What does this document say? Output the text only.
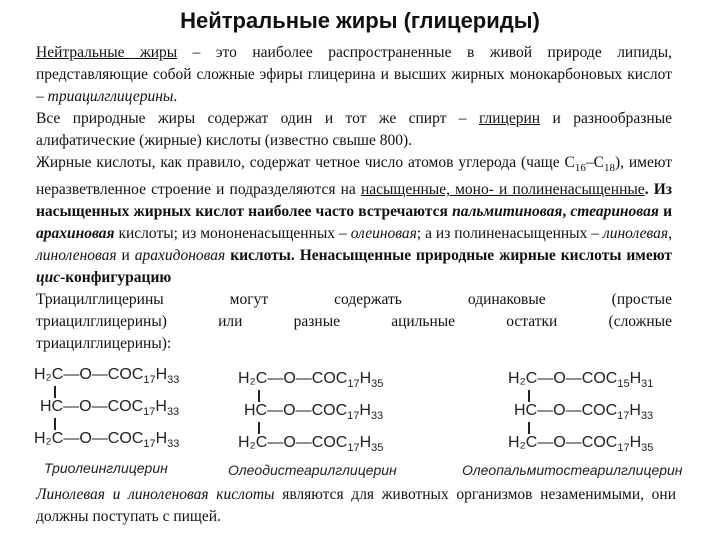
Нейтральные жиры (глицериды)

Нейтральные жиры – это наиболее распространенные в живой природе липиды, представляющие собой сложные эфиры глицерина и высших жирных монокарбоновых кислот – триацилглицерины.

Все природные жиры содержат один и тот же спирт – глицерин и разнообразные алифатические (жирные) кислоты (известно свыше 800).

Жирные кислоты, как правило, содержат четное число атомов углерода (чаще $C_{16}-C_{18}$), имеют неразветвленное строение и подразделяются на насыщенные, моно- и полиненасыщенные. Из насыщенных жирных кислот наиболее часто встречаются пальмитиновая, стеариновая и арахиновая кислоты; из мононенасыщенных – олеиновая; а из полиненасыщенных – линолевая, линоленовая и арахидоновая кислоты. Ненасыщенные природные жирные кислоты имеют цис-конфигурацию

Триацилглицерины	могут	содержать	одинаковые	(простые
триацилглицерины)	или	разные	ацильные	остатки	(сложные

триацилглицерины):

$H_2C—O—COC_{17}H_{33}$
$HC—O—COC_{17}H_{33}$
$H_2C—O—COC_{17}H_{33}$
Триолеинглицерин
$H_2C—O—COC_{17}H_{35}$
$HC—O—COC_{17}H_{33}$
$H_2C—O—COC_{17}H_{35}$
Олеодистеарилглицерин
$H_2C—O—COC_{15}H_{31}$
$HC—O—COC_{17}H_{33}$
$H_2C—O—COC_{17}H_{35}$
Олеопальмитостеарилглицерин

Линолевая и линоленовая кислоты являются для животных организмов незаменимыми, они должны поступать с пищей.
